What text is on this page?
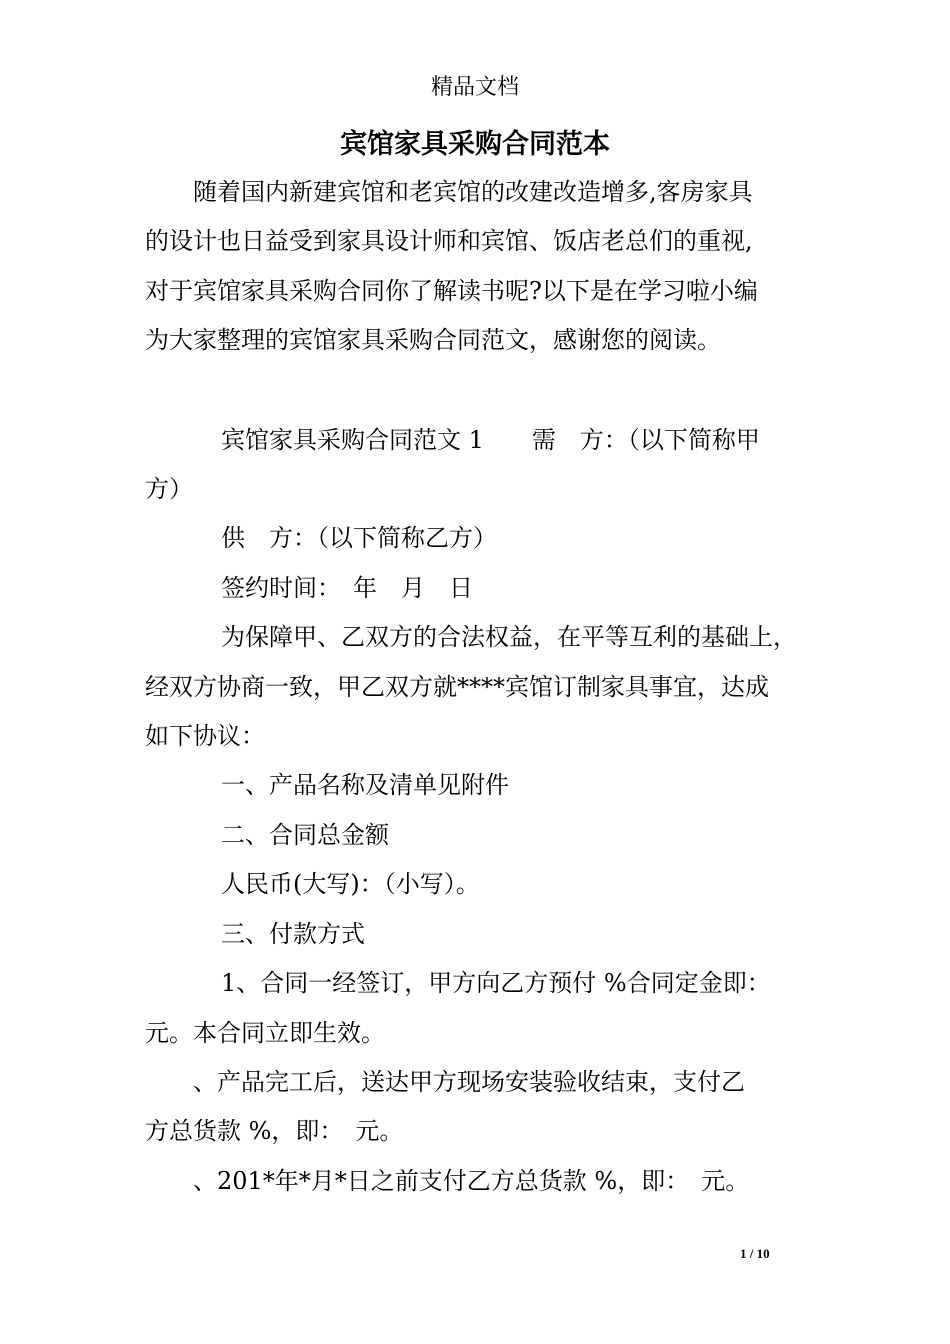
精品文档
宾馆家具采购合同范本

随着国内新建宾馆和老宾馆的改建改造增多,客房家具

的设计也日益受到家具设计师和宾馆、饭店老总们的重视,

对于宾馆家具采购合同你了解读书呢?以下是在学习啦小编

为大家整理的宾馆家具采购合同范文，感谢您的阅读。

宾馆家具采购合同范文 1　　需　方：（以下简称甲

方）

供　方：（以下简称乙方）

签约时间：　年　月　日

为保障甲、乙双方的合法权益，在平等互利的基础上，

经双方协商一致，甲乙双方就****宾馆订制家具事宜，达成

如下协议：

一、产品名称及清单见附件

二、合同总金额

人民币(大写)：（小写）。

三、付款方式

1、合同一经签订，甲方向乙方预付 %合同定金即：

元。本合同立即生效。

、产品完工后，送达甲方现场安装验收结束，支付乙

方总货款 %，即：　元。

、201*年*月*日之前支付乙方总货款 %，即：　元。

1 / 10
